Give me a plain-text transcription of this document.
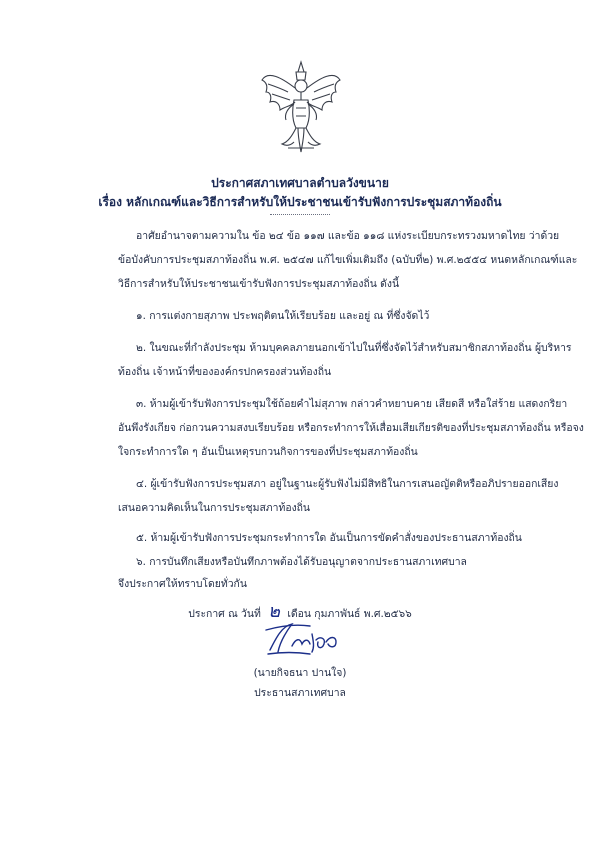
ประกาศสภาเทศบาลตำบลวังขนาย
เรื่อง หลักเกณฑ์และวิธีการสำหรับให้ประชาชนเข้ารับฟังการประชุมสภาท้องถิ่น
อาศัยอำนาจตามความใน ข้อ ๒๔ ข้อ ๑๑๗ และข้อ ๑๑๘ แห่งระเบียบกระทรวงมหาดไทย ว่าด้วย
ข้อบังคับการประชุมสภาท้องถิ่น พ.ศ. ๒๕๔๗ แก้ไขเพิ่มเติมถึง (ฉบับที่๒) พ.ศ.๒๕๕๔ หนดหลักเกณฑ์และ
วิธีการสำหรับให้ประชาชนเข้ารับฟังการประชุมสภาท้องถิ่น ดังนี้
๑. การแต่งกายสุภาพ ประพฤติตนให้เรียบร้อย และอยู่ ณ ที่ซึ่งจัดไว้
๒. ในขณะที่กำลังประชุม ห้ามบุคคลภายนอกเข้าไปในที่ซึ่งจัดไว้สำหรับสมาชิกสภาท้องถิ่น ผู้บริหาร
ท้องถิ่น เจ้าหน้าที่ขององค์กรปกครองส่วนท้องถิ่น
๓. ห้ามผู้เข้ารับฟังการประชุมใช้ถ้อยคำไม่สุภาพ กล่าวคำหยาบคาย เสียดสี หรือใส่ร้าย แสดงกริยา
อันพึงรังเกียจ ก่อกวนความสงบเรียบร้อย หรือกระทำการให้เสื่อมเสียเกียรติของที่ประชุมสภาท้องถิ่น หรือจง
ใจกระทำการใด ๆ อันเป็นเหตุรบกวนกิจการของที่ประชุมสภาท้องถิ่น
๔. ผู้เข้ารับฟังการประชุมสภา อยู่ในฐานะผู้รับฟังไม่มีสิทธิในการเสนอญัตติหรืออภิปรายออกเสียง
เสนอความคิดเห็นในการประชุมสภาท้องถิ่น
๕. ห้ามผู้เข้ารับฟังการประชุมกระทำการใด อันเป็นการขัดคำสั่งของประธานสภาท้องถิ่น
๖. การบันทึกเสียงหรือบันทึกภาพต้องได้รับอนุญาตจากประธานสภาเทศบาล
จึงประกาศให้ทราบโดยทั่วกัน
ประกาศ ณ วันที่ ๒ เดือน กุมภาพันธ์ พ.ศ.๒๕๖๖
(นายกิจธนา ปานใจ)
ประธานสภาเทศบาล
